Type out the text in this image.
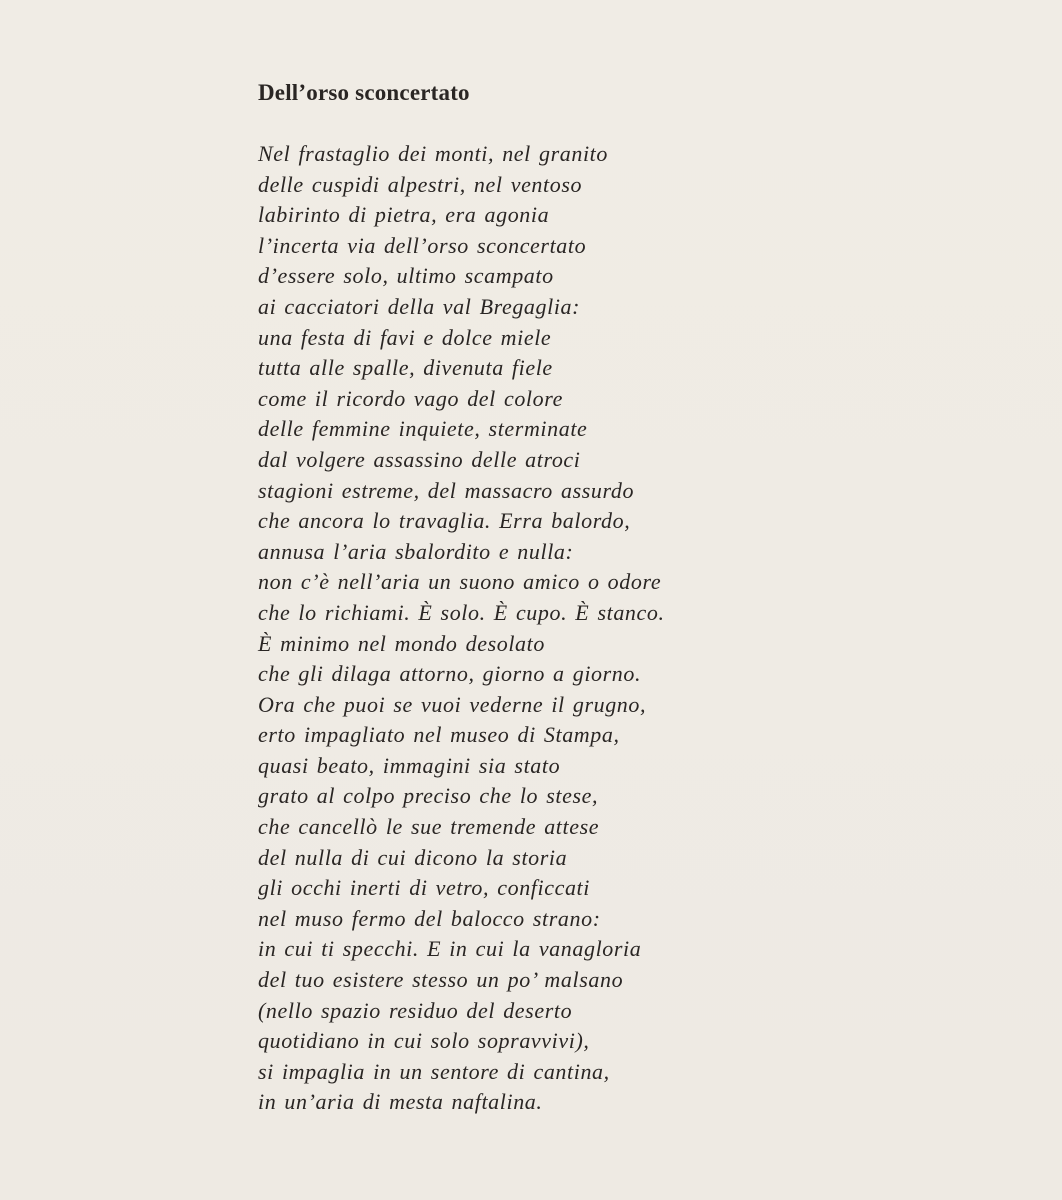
Dell’orso sconcertato
Nel frastaglio dei monti, nel granito
delle cuspidi alpestri, nel ventoso
labirinto di pietra, era agonia
l’incerta via dell’orso sconcertato
d’essere solo, ultimo scampato
ai cacciatori della val Bregaglia:
una festa di favi e dolce miele
tutta alle spalle, divenuta fiele
come il ricordo vago del colore
delle femmine inquiete, sterminate
dal volgere assassino delle atroci
stagioni estreme, del massacro assurdo
che ancora lo travaglia. Erra balordo,
annusa l’aria sbalordito e nulla:
non c’è nell’aria un suono amico o odore
che lo richiami. È solo. È cupo. È stanco.
È minimo nel mondo desolato
che gli dilaga attorno, giorno a giorno.
Ora che puoi se vuoi vederne il grugno,
erto impagliato nel museo di Stampa,
quasi beato, immagini sia stato
grato al colpo preciso che lo stese,
che cancellò le sue tremende attese
del nulla di cui dicono la storia
gli occhi inerti di vetro, conficcati
nel muso fermo del balocco strano:
in cui ti specchi. E in cui la vanagloria
del tuo esistere stesso un po’ malsano
(nello spazio residuo del deserto
quotidiano in cui solo sopravvivi),
si impaglia in un sentore di cantina,
in un’aria di mesta naftalina.
